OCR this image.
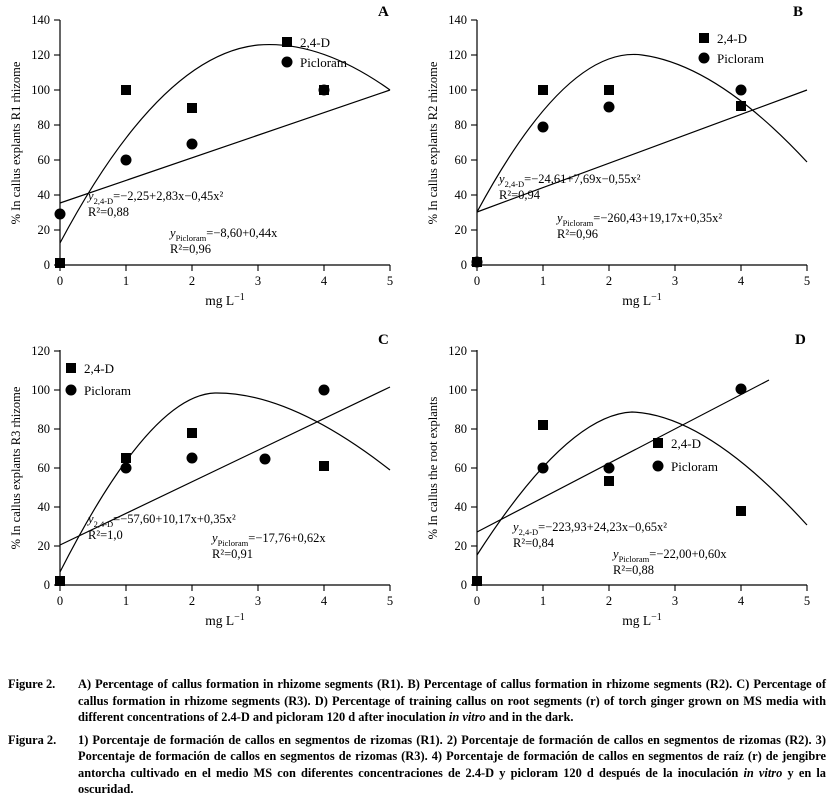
0
20
40
60
80
100
120
140
0	1	2	3	4	5
% In callus explants R1 rhizome
mg $L^{-1}$
2,4-D
Picloram
$y_{2,4-D}=-2,25+2,83x-0,45x^2$
R²=0,88
$y_{Picloram}=-8,60+0,44x$
R²=0,96
A
0
20
40
60
80
100
120
140
0	1	2	3	4	5
% In callus explants R2 rhizome
mg $L^{-1}$
2,4-D
Picloram
$y_{2,4-D}=-24,61+7,69x-0,55x^2$
R²=0,94
$y_{Picloram}=-260,43+19,17x+0,35x^2$
R²=0,96
B
0
20
40
60
80
100
120
0	1	2	3	4	5
% In callus explants R3 rhizome
mg $L^{-1}$
2,4-D
Picloram
$y_{2,4-D}=-57,60+10,17x+0,35x^2$
R²=1,0	$y_{Picloram}=-17,76+0,62x$
R²=0,91
C
0
20
40
60
80
100
120
0	1	2	3	4	5
% In callus the root explants
mg $L^{-1}$
2,4-D
Picloram
$y_{2,4-D}=-223,93+24,23x-0,65x^2$
R²=0,84
$y_{Picloram}=-22,00+0,60x$
R²=0,88
D

Figure 2.	A) Percentage of callus formation in rhizome segments (R1). B) Percentage of callus formation in rhizome segments (R2). C) Percentage of callus formation in rhizome segments (R3). D) Percentage of training callus on root segments (r) of torch ginger grown on MS media with different concentrations of 2.4-D and picloram 120 d after inoculation in vitro and in the dark.

Figura 2.	1) Porcentaje de formación de callos en segmentos de rizomas (R1). 2) Porcentaje de formación de callos en segmentos de rizomas (R2). 3) Porcentaje de formación de callos en segmentos de rizomas (R3). 4) Porcentaje de formación de callos en segmentos de raíz (r) de jengibre antorcha cultivado en el medio MS con diferentes concentraciones de 2.4-D y picloram 120 d después de la inoculación in vitro y en la oscuridad.
